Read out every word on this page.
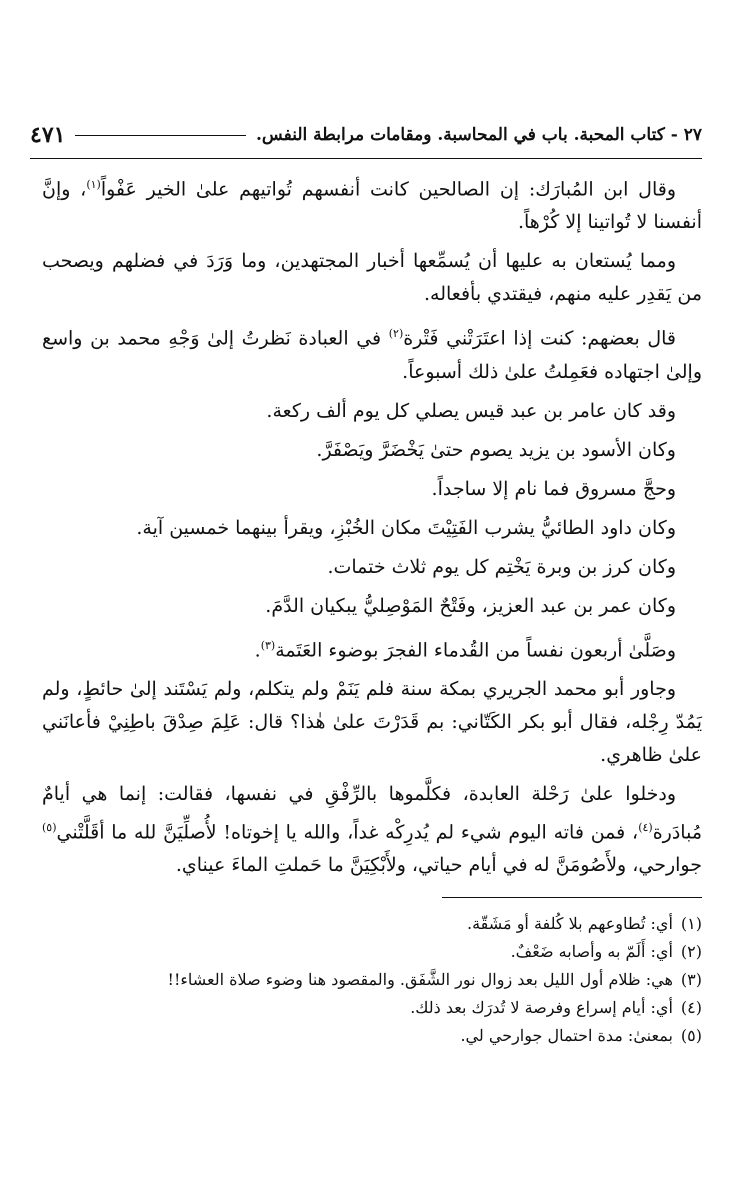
٢٧ - كتاب المحبة. باب في المحاسبة. ومقامات مرابطة النفس.
٤٧١

وقال ابن المُبارَك: إن الصالحين كانت أنفسهم تُواتيهم علىٰ الخير عَفْواً$^{(١)}$، وإنَّ أنفسنا لا تُواتينا إلا كُرْهاً.

ومما يُستعان به عليها أن يُسمِّعها أخبار المجتهدين، وما وَرَدَ في فضلهم ويصحب من يَقدِر عليه منهم، فيقتدي بأفعاله.

قال بعضهم: كنت إذا اعتَرَتْني فَتْرة$^{(٢)}$ في العبادة نَظرتُ إلىٰ وَجْهِ محمد بن واسع وإلىٰ اجتهاده فعَمِلتُ علىٰ ذلك أسبوعاً.

وقد كان عامر بن عبد قيس يصلي كل يوم ألف ركعة.

وكان الأسود بن يزيد يصوم حتىٰ يَخْضَرَّ ويَصْفَرَّ.

وحجَّ مسروق فما نام إلا ساجداً.

وكان داود الطائيُّ يشرب الفَتِيْتَ مكان الخُبْزِ، ويقرأ بينهما خمسين آية.

وكان كرز بن وبرة يَخْتِم كل يوم ثلاث ختمات.

وكان عمر بن عبد العزيز، وفَتْحٌ المَوْصِليُّ يبكيان الدَّمَ.

وصَلَّىٰ أربعون نفساً من القُدماء الفجرَ بوضوء العَتَمة$^{(٣)}$.

وجاور أبو محمد الجريري بمكة سنة فلم يَنَمْ ولم يتكلم، ولم يَسْتَند إلىٰ حائطٍ، ولم يَمُدّ رِجْله، فقال أبو بكر الكَتّاني: بم قَدَرْتَ علىٰ هٰذا؟ قال: عَلِمَ صِدْقَ باطِنِيْ فأعانَني علىٰ ظاهري.

ودخلوا علىٰ رَحْلة العابدة، فكلَّموها بالرِّفْقِ في نفسها، فقالت: إنما هي أيامٌ مُبادَرة$^{(٤)}$، فمن فاته اليوم شيء لم يُدرِكْه غداً، والله يا إخوتاه! لأُصلِّيَنَّ لله ما أقَلَّتْني$^{(٥)}$ جوارحي، ولأَصُومَنَّ له في أيام حياتي، ولأَبْكِيَنَّ ما حَملتِ الماءَ عيناي.

(١)
أي: تُطاوعهم بلا كُلفة أو مَشَقّة.
(٢)
أي: أَلَمّ به وأصابه ضَعْفٌ.
(٣)
هي: ظلام أول الليل بعد زوال نور الشَّفَق. والمقصود هنا وضوء صلاة العشاء!!
(٤)
أي: أيام إسراع وفرصة لا تُدرَك بعد ذلك.
(٥)
بمعنىٰ: مدة احتمال جوارحي لي.
